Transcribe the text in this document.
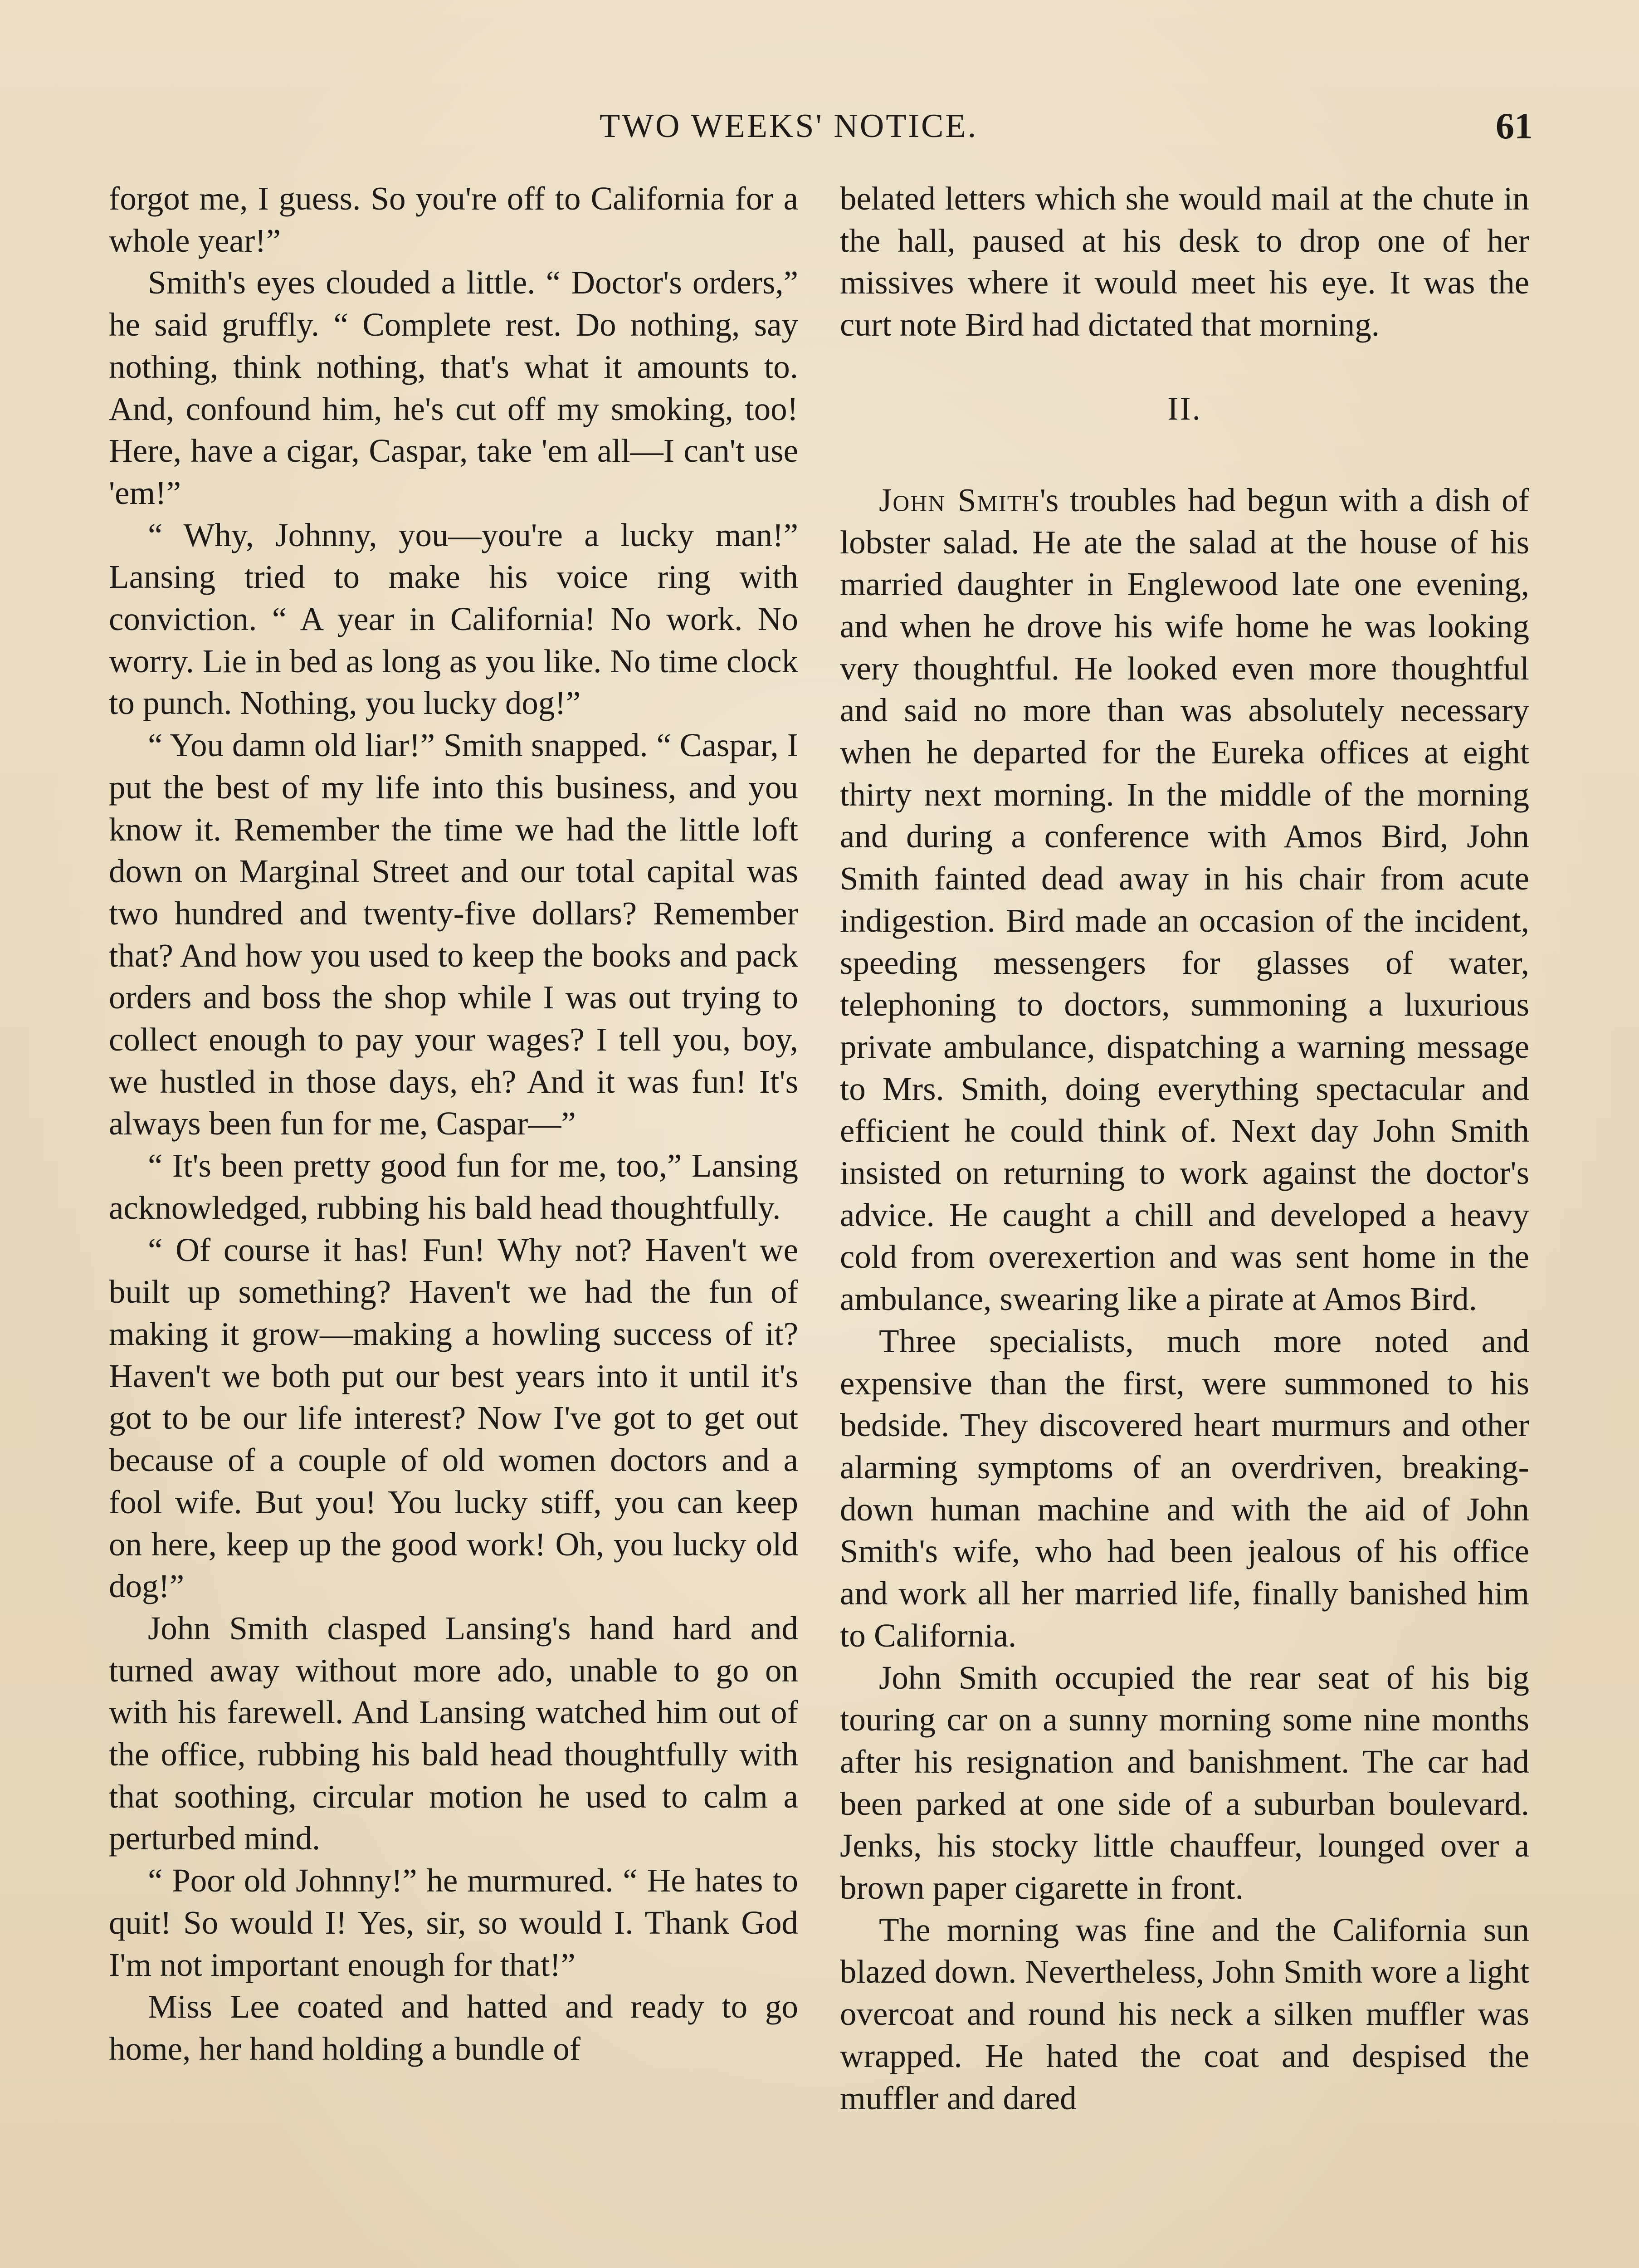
TWO WEEKS' NOTICE.	61

forgot me, I guess. So you're off to California for a whole year!”

Smith's eyes clouded a little. “ Doctor's orders,” he said gruffly. “ Complete rest. Do nothing, say nothing, think nothing, that's what it amounts to. And, confound him, he's cut off my smoking, too! Here, have a cigar, Caspar, take 'em all—I can't use 'em!”

“ Why, Johnny, you—you're a lucky man!” Lansing tried to make his voice ring with conviction. “ A year in California! No work. No worry. Lie in bed as long as you like. No time clock to punch. Nothing, you lucky dog!”

“ You damn old liar!” Smith snapped. “ Caspar, I put the best of my life into this business, and you know it. Remember the time we had the little loft down on Marginal Street and our total capital was two hundred and twenty-five dollars? Remember that? And how you used to keep the books and pack orders and boss the shop while I was out trying to collect enough to pay your wages? I tell you, boy, we hustled in those days, eh? And it was fun! It's always been fun for me, Caspar—”

“ It's been pretty good fun for me, too,” Lansing acknowledged, rubbing his bald head thoughtfully.

“ Of course it has! Fun! Why not? Haven't we built up something? Haven't we had the fun of making it grow—making a howling success of it? Haven't we both put our best years into it until it's got to be our life interest? Now I've got to get out because of a couple of old women doctors and a fool wife. But you! You lucky stiff, you can keep on here, keep up the good work! Oh, you lucky old dog!”

John Smith clasped Lansing's hand hard and turned away without more ado, unable to go on with his farewell. And Lansing watched him out of the office, rubbing his bald head thoughtfully with that soothing, circular motion he used to calm a perturbed mind.

“ Poor old Johnny!” he murmured. “ He hates to quit! So would I! Yes, sir, so would I. Thank God I'm not important enough for that!”

Miss Lee coated and hatted and ready to go home, her hand holding a bundle of

belated letters which she would mail at the chute in the hall, paused at his desk to drop one of her missives where it would meet his eye. It was the curt note Bird had dictated that morning.

II.

John Smith's troubles had begun with a dish of lobster salad. He ate the salad at the house of his married daughter in Englewood late one evening, and when he drove his wife home he was looking very thoughtful. He looked even more thoughtful and said no more than was absolutely necessary when he departed for the Eureka offices at eight thirty next morning. In the middle of the morning and during a conference with Amos Bird, John Smith fainted dead away in his chair from acute indigestion. Bird made an occasion of the incident, speeding messengers for glasses of water, telephoning to doctors, summoning a luxurious private ambulance, dispatching a warning message to Mrs. Smith, doing everything spectacular and efficient he could think of. Next day John Smith insisted on returning to work against the doctor's advice. He caught a chill and developed a heavy cold from overexertion and was sent home in the ambulance, swearing like a pirate at Amos Bird.

Three specialists, much more noted and expensive than the first, were summoned to his bedside. They discovered heart murmurs and other alarming symptoms of an overdriven, breaking-down human machine and with the aid of John Smith's wife, who had been jealous of his office and work all her married life, finally banished him to California.

John Smith occupied the rear seat of his big touring car on a sunny morning some nine months after his resignation and banishment. The car had been parked at one side of a suburban boulevard. Jenks, his stocky little chauffeur, lounged over a brown paper cigarette in front.

The morning was fine and the California sun blazed down. Nevertheless, John Smith wore a light overcoat and round his neck a silken muffler was wrapped. He hated the coat and despised the muffler and dared
